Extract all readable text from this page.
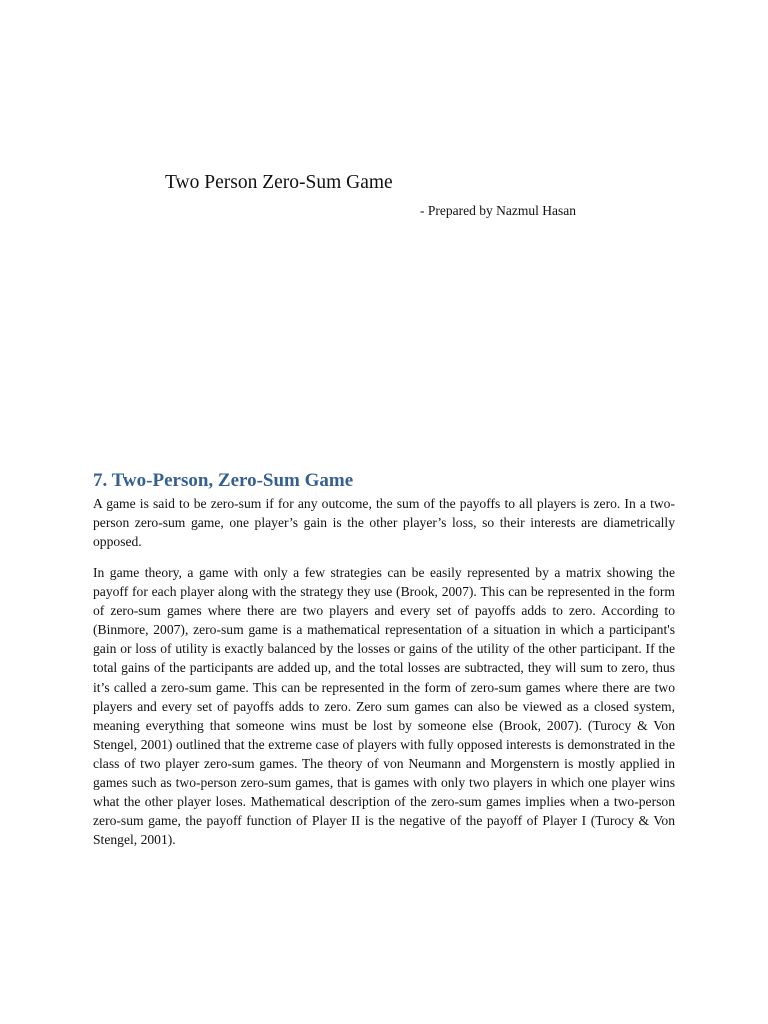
Two Person Zero-Sum Game
- Prepared by Nazmul Hasan
7. Two-Person, Zero-Sum Game

A game is said to be zero-sum if for any outcome, the sum of the payoffs to all players is zero. In a two-person zero-sum game, one player’s gain is the other player’s loss, so their interests are diametrically opposed.

In game theory, a game with only a few strategies can be easily represented by a matrix showing the payoff for each player along with the strategy they use (Brook, 2007). This can be represented in the form of zero-sum games where there are two players and every set of payoffs adds to zero. According to (Binmore, 2007), zero-sum game is a mathematical representation of a situation in which a participant's gain or loss of utility is exactly balanced by the losses or gains of the utility of the other participant. If the total gains of the participants are added up, and the total losses are subtracted, they will sum to zero, thus it’s called a zero-sum game. This can be represented in the form of zero-sum games where there are two players and every set of payoffs adds to zero. Zero sum games can also be viewed as a closed system, meaning everything that someone wins must be lost by someone else (Brook, 2007). (Turocy & Von Stengel, 2001) outlined that the extreme case of players with fully opposed interests is demonstrated in the class of two player zero-sum games. The theory of von Neumann and Morgenstern is mostly applied in games such as two-person zero-sum games, that is games with only two players in which one player wins what the other player loses. Mathematical description of the zero-sum games implies when a two-person zero-sum game, the payoff function of Player II is the negative of the payoff of Player I (Turocy & Von Stengel, 2001).
